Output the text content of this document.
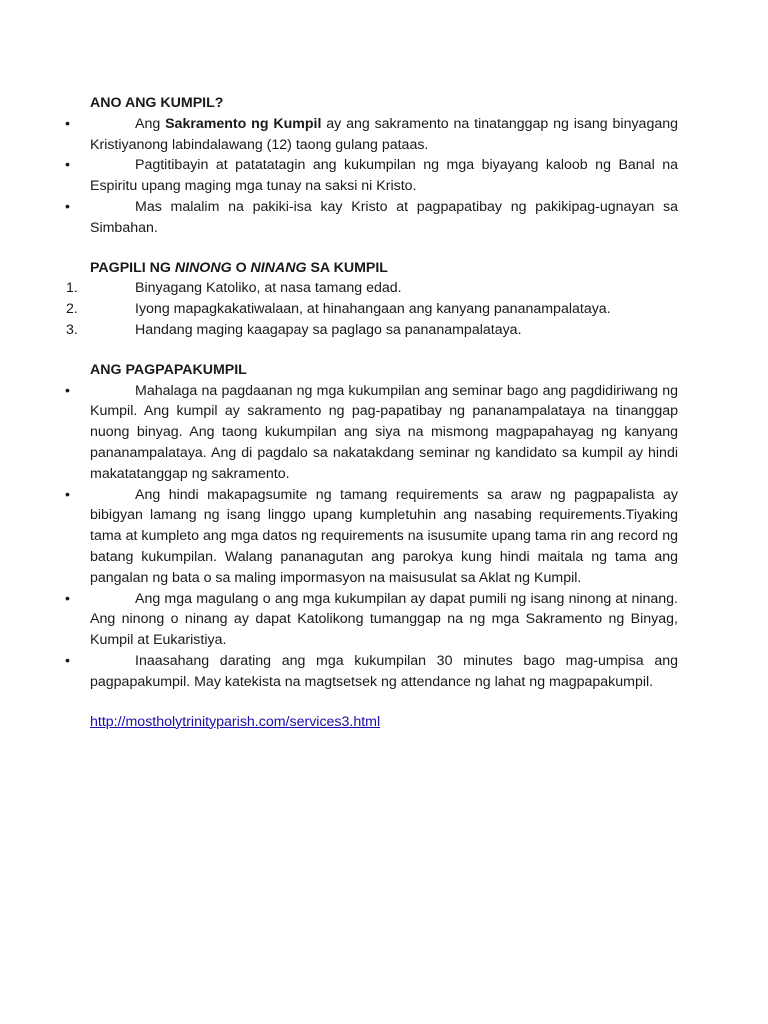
ANO ANG KUMPIL?

•	Ang Sakramento ng Kumpil ay ang sakramento na tinatanggap ng isang binyagang Kristiyanong labindalawang (12) taong gulang pataas.

•	Pagtitibayin at patatatagin ang kukumpilan ng mga biyayang kaloob ng Banal na Espiritu upang maging mga tunay na saksi ni Kristo.

•	Mas malalim na pakiki-isa kay Kristo at pagpapatibay ng pakikipag-ugnayan sa Simbahan.

PAGPILI NG NINONG O NINANG SA KUMPIL

1.	Binyagang Katoliko, at nasa tamang edad.

2.	Iyong mapagkakatiwalaan, at hinahangaan ang kanyang pananampalataya.

3.	Handang maging kaagapay sa paglago sa pananampalataya.

ANG PAGPAPAKUMPIL

•	Mahalaga na pagdaanan ng mga kukumpilan ang seminar bago ang pagdidiriwang ng Kumpil. Ang kumpil ay sakramento ng pag-papatibay ng pananampalataya na tinanggap nuong binyag. Ang taong kukumpilan ang siya na mismong magpapahayag ng kanyang pananampalataya. Ang di pagdalo sa nakatakdang seminar ng kandidato sa kumpil ay hindi makatatanggap ng sakramento.

•	Ang hindi makapagsumite ng tamang requirements sa araw ng pagpapalista ay bibigyan lamang ng isang linggo upang kumpletuhin ang nasabing requirements.Tiyaking tama at kumpleto ang mga datos ng requirements na isusumite upang tama rin ang record ng batang kukumpilan. Walang pananagutan ang parokya kung hindi maitala ng tama ang pangalan ng bata o sa maling impormasyon na maisusulat sa Aklat ng Kumpil.

•	Ang mga magulang o ang mga kukumpilan ay dapat pumili ng isang ninong at ninang. Ang ninong o ninang ay dapat Katolikong tumanggap na ng mga Sakramento ng Binyag, Kumpil at Eukaristiya.

•	Inaasahang darating ang mga kukumpilan 30 minutes bago mag-umpisa ang pagpapakumpil. May katekista na magtsetsek ng attendance ng lahat ng magpapakumpil.

http://mostholytrinityparish.com/services3.html
